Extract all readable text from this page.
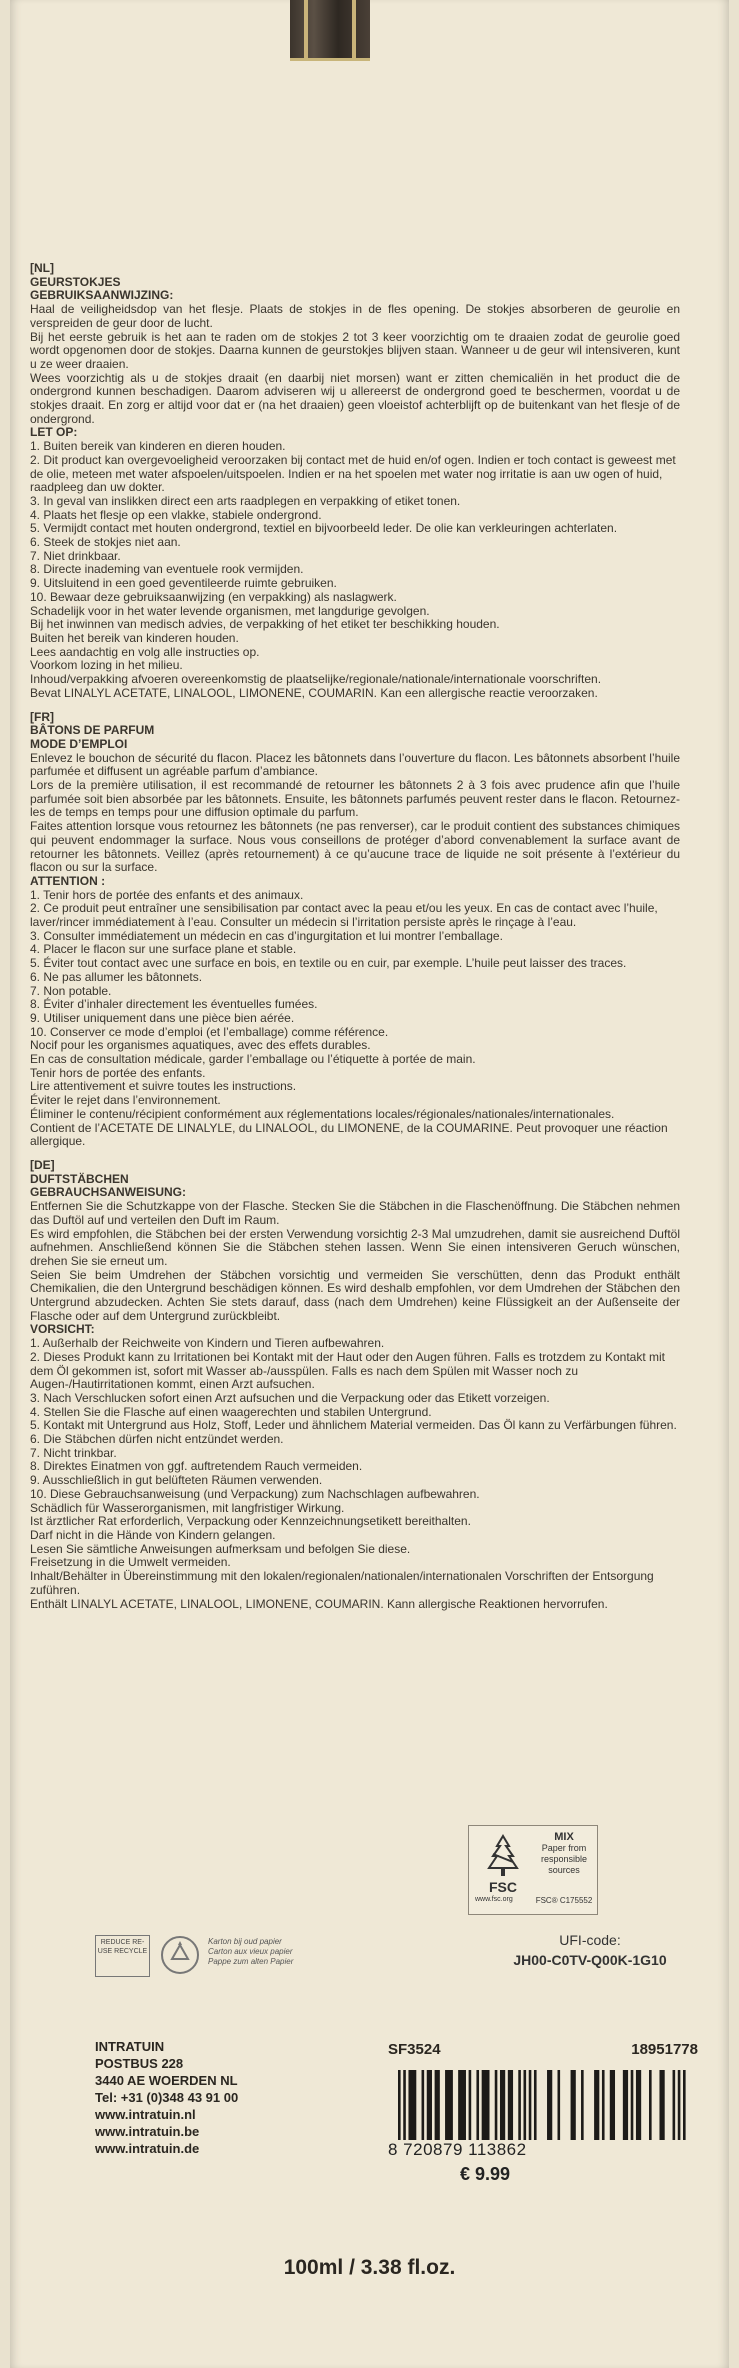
[NL]

GEURSTOKJES

GEBRUIKSAANWIJZING:

Haal de veiligheidsdop van het flesje. Plaats de stokjes in de fles opening. De stokjes absorberen de geurolie en verspreiden de geur door de lucht.
Bij het eerste gebruik is het aan te raden om de stokjes 2 tot 3 keer voorzichtig om te draaien zodat de geurolie goed wordt opgenomen door de stokjes. Daarna kunnen de geurstokjes blijven staan. Wanneer u de geur wil intensiveren, kunt u ze weer draaien.
Wees voorzichtig als u de stokjes draait (en daarbij niet morsen) want er zitten chemicaliën in het product die de ondergrond kunnen beschadigen. Daarom adviseren wij u allereerst de ondergrond goed te beschermen, voordat u de stokjes draait. En zorg er altijd voor dat er (na het draaien) geen vloeistof achterblijft op de buitenkant van het flesje of de ondergrond.

LET OP:

1. Buiten bereik van kinderen en dieren houden.

2. Dit product kan overgevoeligheid veroorzaken bij contact met de huid en/of ogen. Indien er toch contact is geweest met de olie, meteen met water afspoelen/uitspoelen. Indien er na het spoelen met water nog irritatie is aan uw ogen of huid, raadpleeg dan uw dokter.

3. In geval van inslikken direct een arts raadplegen en verpakking of etiket tonen.

4. Plaats het flesje op een vlakke, stabiele ondergrond.

5. Vermijdt contact met houten ondergrond, textiel en bijvoorbeeld leder. De olie kan verkleuringen achterlaten.

6. Steek de stokjes niet aan.

7. Niet drinkbaar.

8. Directe inademing van eventuele rook vermijden.

9. Uitsluitend in een goed geventileerde ruimte gebruiken.

10. Bewaar deze gebruiksaanwijzing (en verpakking) als naslagwerk.

Schadelijk voor in het water levende organismen, met langdurige gevolgen.
Bij het inwinnen van medisch advies, de verpakking of het etiket ter beschikking houden.
Buiten het bereik van kinderen houden.
Lees aandachtig en volg alle instructies op.
Voorkom lozing in het milieu.
Inhoud/verpakking afvoeren overeenkomstig de plaatselijke/regionale/nationale/internationale voorschriften.
Bevat LINALYL ACETATE, LINALOOL, LIMONENE, COUMARIN. Kan een allergische reactie veroorzaken.

[FR]

BÂTONS DE PARFUM

MODE D’EMPLOI

Enlevez le bouchon de sécurité du flacon. Placez les bâtonnets dans l’ouverture du flacon. Les bâtonnets absorbent l’huile parfumée et diffusent un agréable parfum d’ambiance.
Lors de la première utilisation, il est recommandé de retourner les bâtonnets 2 à 3 fois avec prudence afin que l’huile parfumée soit bien absorbée par les bâtonnets. Ensuite, les bâtonnets parfumés peuvent rester dans le flacon. Retournez-les de temps en temps pour une diffusion optimale du parfum.
Faites attention lorsque vous retournez les bâtonnets (ne pas renverser), car le produit contient des substances chimiques qui peuvent endommager la surface. Nous vous conseillons de protéger d’abord convenablement la surface avant de retourner les bâtonnets. Veillez (après retournement) à ce qu’aucune trace de liquide ne soit présente à l’extérieur du flacon ou sur la surface.

ATTENTION :

1. Tenir hors de portée des enfants et des animaux.

2. Ce produit peut entraîner une sensibilisation par contact avec la peau et/ou les yeux. En cas de contact avec l’huile, laver/rincer immédiatement à l’eau. Consulter un médecin si l’irritation persiste après le rinçage à l’eau.

3. Consulter immédiatement un médecin en cas d’ingurgitation et lui montrer l’emballage.

4. Placer le flacon sur une surface plane et stable.

5. Éviter tout contact avec une surface en bois, en textile ou en cuir, par exemple. L’huile peut laisser des traces.

6. Ne pas allumer les bâtonnets.

7. Non potable.

8. Éviter d’inhaler directement les éventuelles fumées.

9. Utiliser uniquement dans une pièce bien aérée.

10. Conserver ce mode d’emploi (et l’emballage) comme référence.

Nocif pour les organismes aquatiques, avec des effets durables.
En cas de consultation médicale, garder l’emballage ou l’étiquette à portée de main.
Tenir hors de portée des enfants.
Lire attentivement et suivre toutes les instructions.
Éviter le rejet dans l’environnement.
Éliminer le contenu/récipient conformément aux réglementations locales/régionales/nationales/internationales.
Contient de l’ACETATE DE LINALYLE, du LINALOOL, du LIMONENE, de la COUMARINE. Peut provoquer une réaction allergique.

[DE]

DUFTSTÄBCHEN

GEBRAUCHSANWEISUNG:

Entfernen Sie die Schutzkappe von der Flasche. Stecken Sie die Stäbchen in die Flaschenöffnung. Die Stäbchen nehmen das Duftöl auf und verteilen den Duft im Raum.
Es wird empfohlen, die Stäbchen bei der ersten Verwendung vorsichtig 2-3 Mal umzudrehen, damit sie ausreichend Duftöl aufnehmen. Anschließend können Sie die Stäbchen stehen lassen. Wenn Sie einen intensiveren Geruch wünschen, drehen Sie sie erneut um.
Seien Sie beim Umdrehen der Stäbchen vorsichtig und vermeiden Sie verschütten, denn das Produkt enthält Chemikalien, die den Untergrund beschädigen können. Es wird deshalb empfohlen, vor dem Umdrehen der Stäbchen den Untergrund abzudecken. Achten Sie stets darauf, dass (nach dem Umdrehen) keine Flüssigkeit an der Außenseite der Flasche oder auf dem Untergrund zurückbleibt.

VORSICHT:

1. Außerhalb der Reichweite von Kindern und Tieren aufbewahren.

2. Dieses Produkt kann zu Irritationen bei Kontakt mit der Haut oder den Augen führen. Falls es trotzdem zu Kontakt mit dem Öl gekommen ist, sofort mit Wasser ab-/ausspülen. Falls es nach dem Spülen mit Wasser noch zu Augen-/Hautirritationen kommt, einen Arzt aufsuchen.

3. Nach Verschlucken sofort einen Arzt aufsuchen und die Verpackung oder das Etikett vorzeigen.

4. Stellen Sie die Flasche auf einen waagerechten und stabilen Untergrund.

5. Kontakt mit Untergrund aus Holz, Stoff, Leder und ähnlichem Material vermeiden. Das Öl kann zu Verfärbungen führen.

6. Die Stäbchen dürfen nicht entzündet werden.

7. Nicht trinkbar.

8. Direktes Einatmen von ggf. auftretendem Rauch vermeiden.

9. Ausschließlich in gut belüfteten Räumen verwenden.

10. Diese Gebrauchsanweisung (und Verpackung) zum Nachschlagen aufbewahren.

Schädlich für Wasserorganismen, mit langfristiger Wirkung.
Ist ärztlicher Rat erforderlich, Verpackung oder Kennzeichnungsetikett bereithalten.
Darf nicht in die Hände von Kindern gelangen.
Lesen Sie sämtliche Anweisungen aufmerksam und befolgen Sie diese.
Freisetzung in die Umwelt vermeiden.
Inhalt/Behälter in Übereinstimmung mit den lokalen/regionalen/nationalen/internationalen Vorschriften der Entsorgung zuführen.
Enthält LINALYL ACETATE, LINALOOL, LIMONENE, COUMARIN. Kann allergische Reaktionen hervorrufen.

FSC
www.fsc.org
MIX
Paper from responsible sources
FSC® C175552
REDUCE RE-USE RECYCLE
Karton bij oud papier
Carton aux vieux papier
Pappe zum alten Papier
UFI-code:
JH00-C0TV-Q00K-1G10
INTRATUIN
POSTBUS 228
3440 AE WOERDEN NL
Tel: +31 (0)348 43 91 00
www.intratuin.nl
www.intratuin.be
www.intratuin.de
SF3524	18951778
8 720879 113862
€ 9.99
100ml / 3.38 fl.oz.
